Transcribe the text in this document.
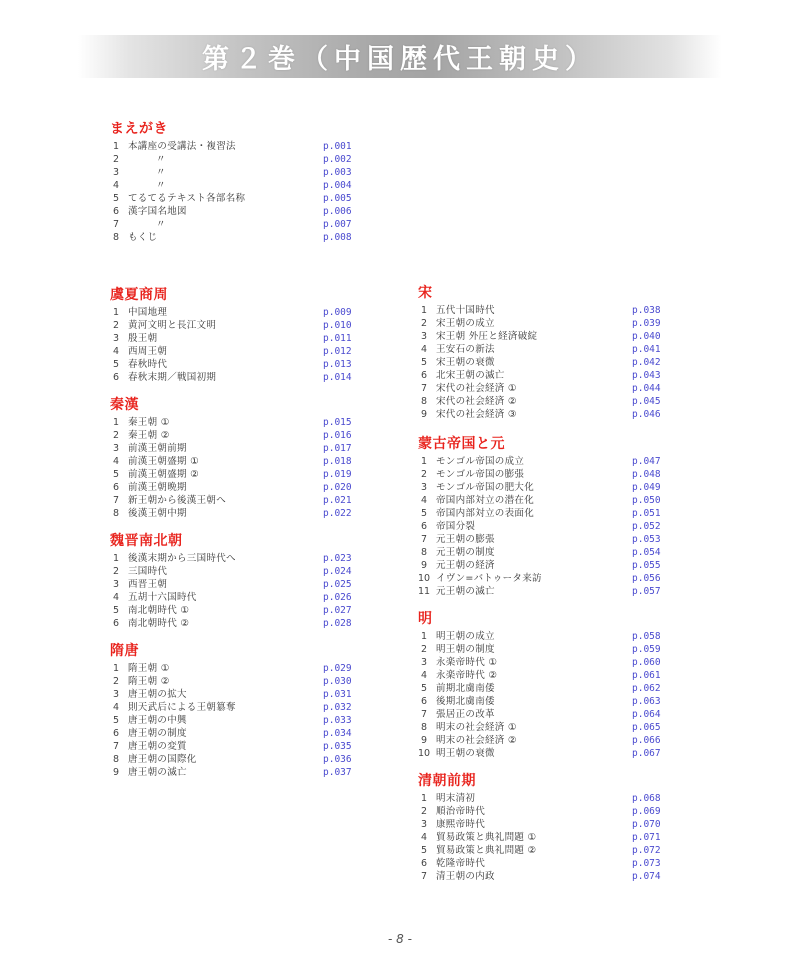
第２巻（中国歴代王朝史）
まえがき
1 本講座の受講法・複習法	p.001
2	〃	p.002
3	〃	p.003
4	〃	p.004
5 てるてるテキスト各部名称	p.005
6 漢字国名地図	p.006
7	〃	p.007
8 もくじ	p.008
虞夏商周
1 中国地理	p.009
2 黄河文明と長江文明	p.010
3 殷王朝	p.011
4 西周王朝	p.012
5 春秋時代	p.013
6 春秋末期／戦国初期	p.014
秦漢
1 秦王朝 ①	p.015
2 秦王朝 ②	p.016
3 前漢王朝前期	p.017
4 前漢王朝盛期 ①	p.018
5 前漢王朝盛期 ②	p.019
6 前漢王朝晩期	p.020
7 新王朝から後漢王朝へ	p.021
8 後漢王朝中期	p.022
魏晋南北朝
1 後漢末期から三国時代へ	p.023
2 三国時代	p.024
3 西晋王朝	p.025
4 五胡十六国時代	p.026
5 南北朝時代 ①	p.027
6 南北朝時代 ②	p.028
隋唐
1 隋王朝 ①	p.029
2 隋王朝 ②	p.030
3 唐王朝の拡大	p.031
4 則天武后による王朝簒奪	p.032
5 唐王朝の中興	p.033
6 唐王朝の制度	p.034
7 唐王朝の変質	p.035
8 唐王朝の国際化	p.036
9 唐王朝の滅亡	p.037
宋
1 五代十国時代	p.038
2 宋王朝の成立	p.039
3 宋王朝 外圧と経済破綻	p.040
4 王安石の新法	p.041
5 宋王朝の衰微	p.042
6 北宋王朝の滅亡	p.043
7 宋代の社会経済 ①	p.044
8 宋代の社会経済 ②	p.045
9 宋代の社会経済 ③	p.046
蒙古帝国と元
1 モンゴル帝国の成立	p.047
2 モンゴル帝国の膨張	p.048
3 モンゴル帝国の肥大化	p.049
4 帝国内部対立の潜在化	p.050
5 帝国内部対立の表面化	p.051
6 帝国分裂	p.052
7 元王朝の膨張	p.053
8 元王朝の制度	p.054
9 元王朝の経済	p.055
10 イヴン=バトゥータ来訪	p.056
11 元王朝の滅亡	p.057
明
1 明王朝の成立	p.058
2 明王朝の制度	p.059
3 永楽帝時代 ①	p.060
4 永楽帝時代 ②	p.061
5 前期北虜南倭	p.062
6 後期北虜南倭	p.063
7 張居正の改革	p.064
8 明末の社会経済 ①	p.065
9 明末の社会経済 ②	p.066
10 明王朝の衰微	p.067
清朝前期
1 明末清初	p.068
2 順治帝時代	p.069
3 康熙帝時代	p.070
4 貿易政策と典礼問題 ①	p.071
5 貿易政策と典礼問題 ②	p.072
6 乾隆帝時代	p.073
7 清王朝の内政	p.074
- 8 -
